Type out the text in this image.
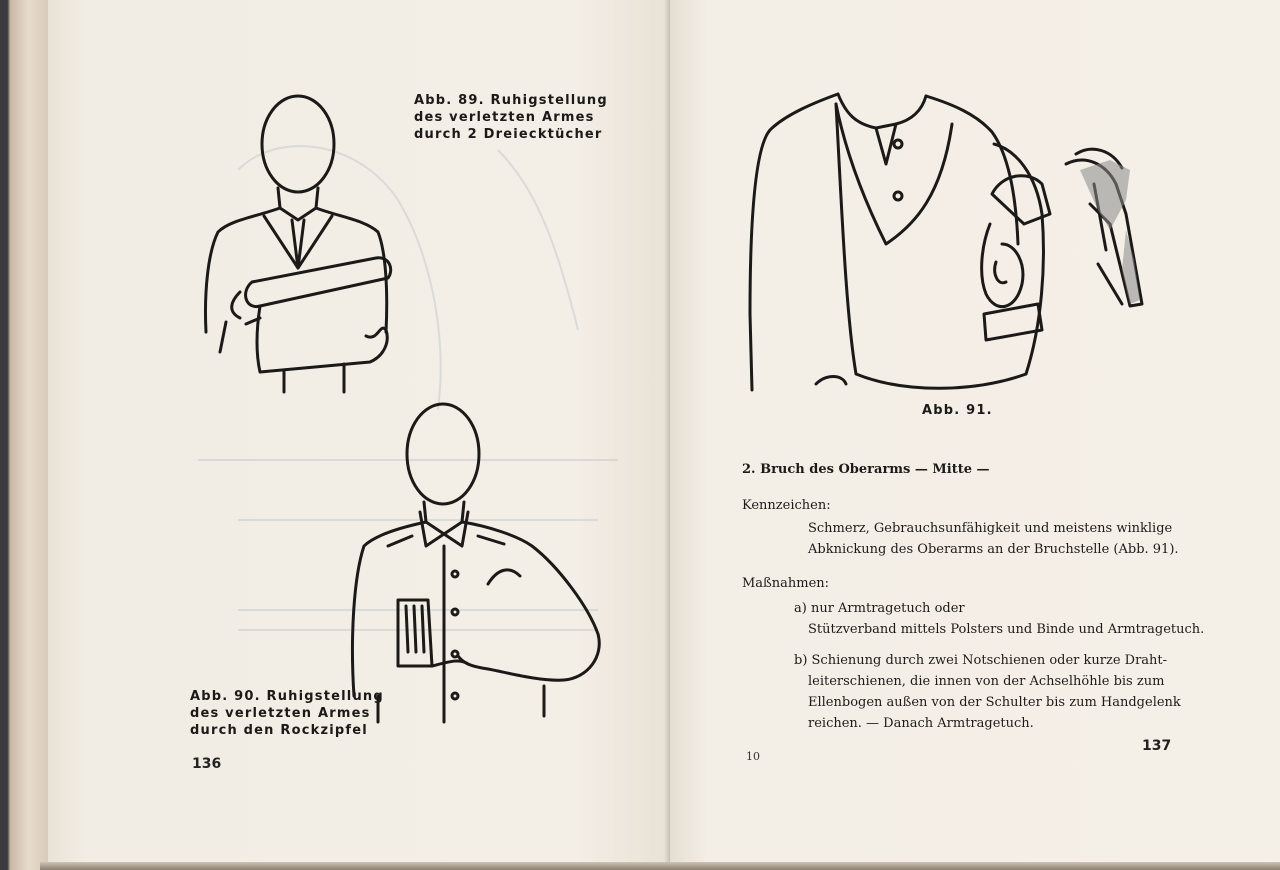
Abb. 89. Ruhigstellung
des verletzten Armes
durch 2 Dreiecktücher
Abb. 90. Ruhigstellung
des verletzten Armes
durch den Rockzipfel
136
Abb. 91.
2. Bruch des Oberarms — Mitte —
Kennzeichen:
Schmerz, Gebrauchsunfähigkeit und meistens winklige
Abknickung des Oberarms an der Bruchstelle (Abb. 91).
Maßnahmen:
a) nur Armtragetuch oder
Stützverband mittels Polsters und Binde und Armtragetuch.
b) Schienung durch zwei Notschienen oder kurze Draht-
leiterschienen, die innen von der Achselhöhle bis zum
Ellenbogen außen von der Schulter bis zum Handgelenk
reichen. — Danach Armtragetuch.
10
137
